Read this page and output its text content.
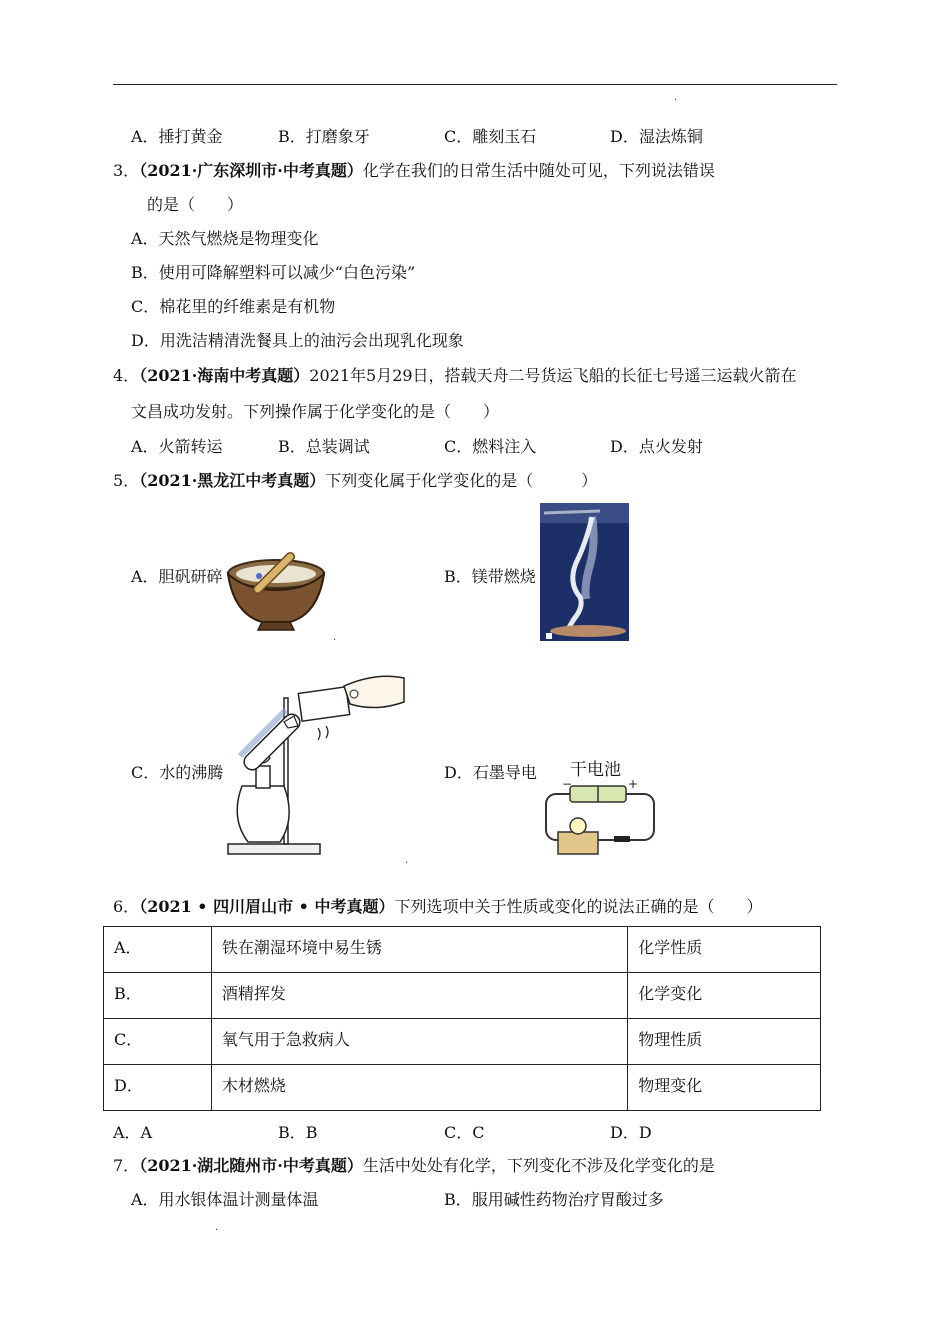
.
A．捶打黄金	B．打磨象牙	C．雕刻玉石	D．湿法炼铜
3．（2021·广东深圳市·中考真题）化学在我们的日常生活中随处可见，下列说法错误
的是（　　）
A．天然气燃烧是物理变化
B．使用可降解塑料可以减少“白色污染”
C．棉花里的纤维素是有机物
D．用洗洁精清洗餐具上的油污会出现乳化现象
4．（2021·海南中考真题）2021年5月29日，搭载天舟二号货运飞船的长征七号遥三运载火箭在
文昌成功发射。下列操作属于化学变化的是（　　）
A．火箭转运	B．总装调试	C．燃料注入	D．点火发射
5．（2021·黑龙江中考真题）下列变化属于化学变化的是（　　　）
A．胆矾研碎	B．镁带燃烧
.
C．水的沸腾
.
D．石墨导电 干电池
−	+
6．（2021 • 四川眉山市 • 中考真题）下列选项中关于性质或变化的说法正确的是（　　）
A．	铁在潮湿环境中易生锈	化学性质
B．	酒精挥发	化学变化
C．	氧气用于急救病人	物理性质
D．	木材燃烧	物理变化
A．A	B．B	C．C	D．D
7．（2021·湖北随州市·中考真题）生活中处处有化学，下列变化不涉及化学变化的是
A．用水银体温计测量体温	B．服用碱性药物治疗胃酸过多
.
